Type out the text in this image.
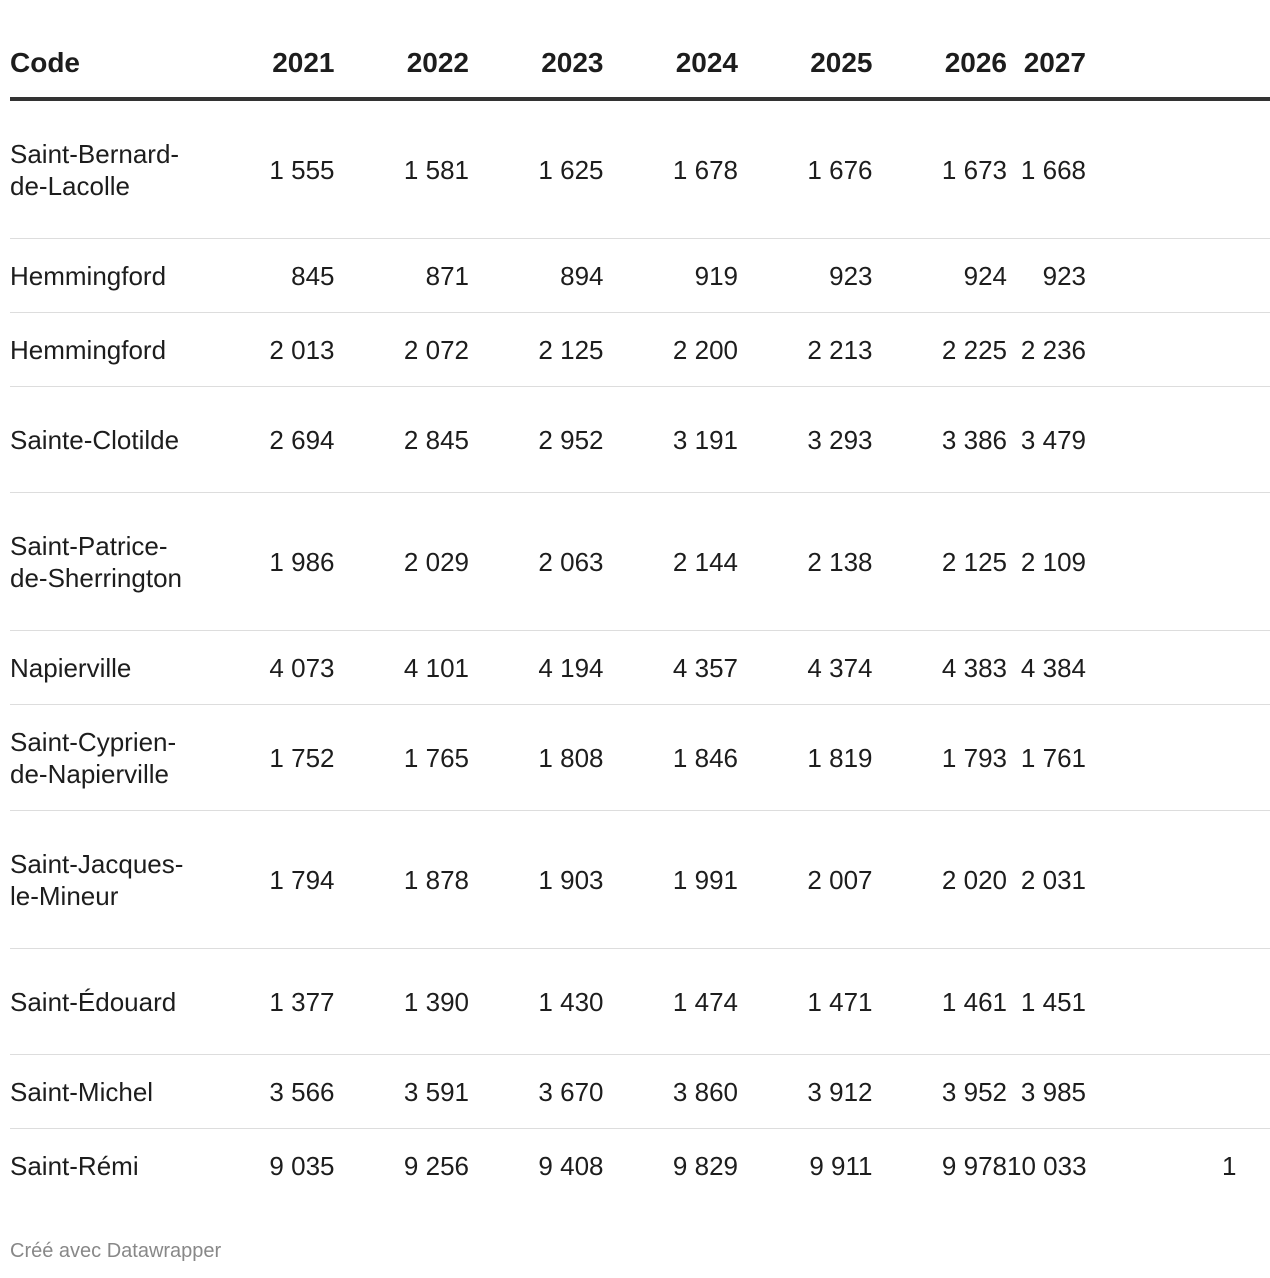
Code	2021	2022	2023	2024	2025	2026	2027	
Saint-Bernard-de-Lacolle	1 555	1 581	1 625	1 678	1 676	1 673	1 668	
Hemmingford	845	871	894	919	923	924	923	
Hemmingford	2 013	2 072	2 125	2 200	2 213	2 225	2 236	
Sainte-Clotilde	2 694	2 845	2 952	3 191	3 293	3 386	3 479	
Saint-Patrice-de-Sherrington	1 986	2 029	2 063	2 144	2 138	2 125	2 109	
Napierville	4 073	4 101	4 194	4 357	4 374	4 383	4 384	
Saint-Cyprien-de-Napierville	1 752	1 765	1 808	1 846	1 819	1 793	1 761	
Saint-Jacques-le-Mineur	1 794	1 878	1 903	1 991	2 007	2 020	2 031	
Saint-Édouard	1 377	1 390	1 430	1 474	1 471	1 461	1 451	
Saint-Michel	3 566	3 591	3 670	3 860	3 912	3 952	3 985	
Saint-Rémi	9 035	9 256	9 408	9 829	9 911	9 978	10 033	1
Créé avec Datawrapper
